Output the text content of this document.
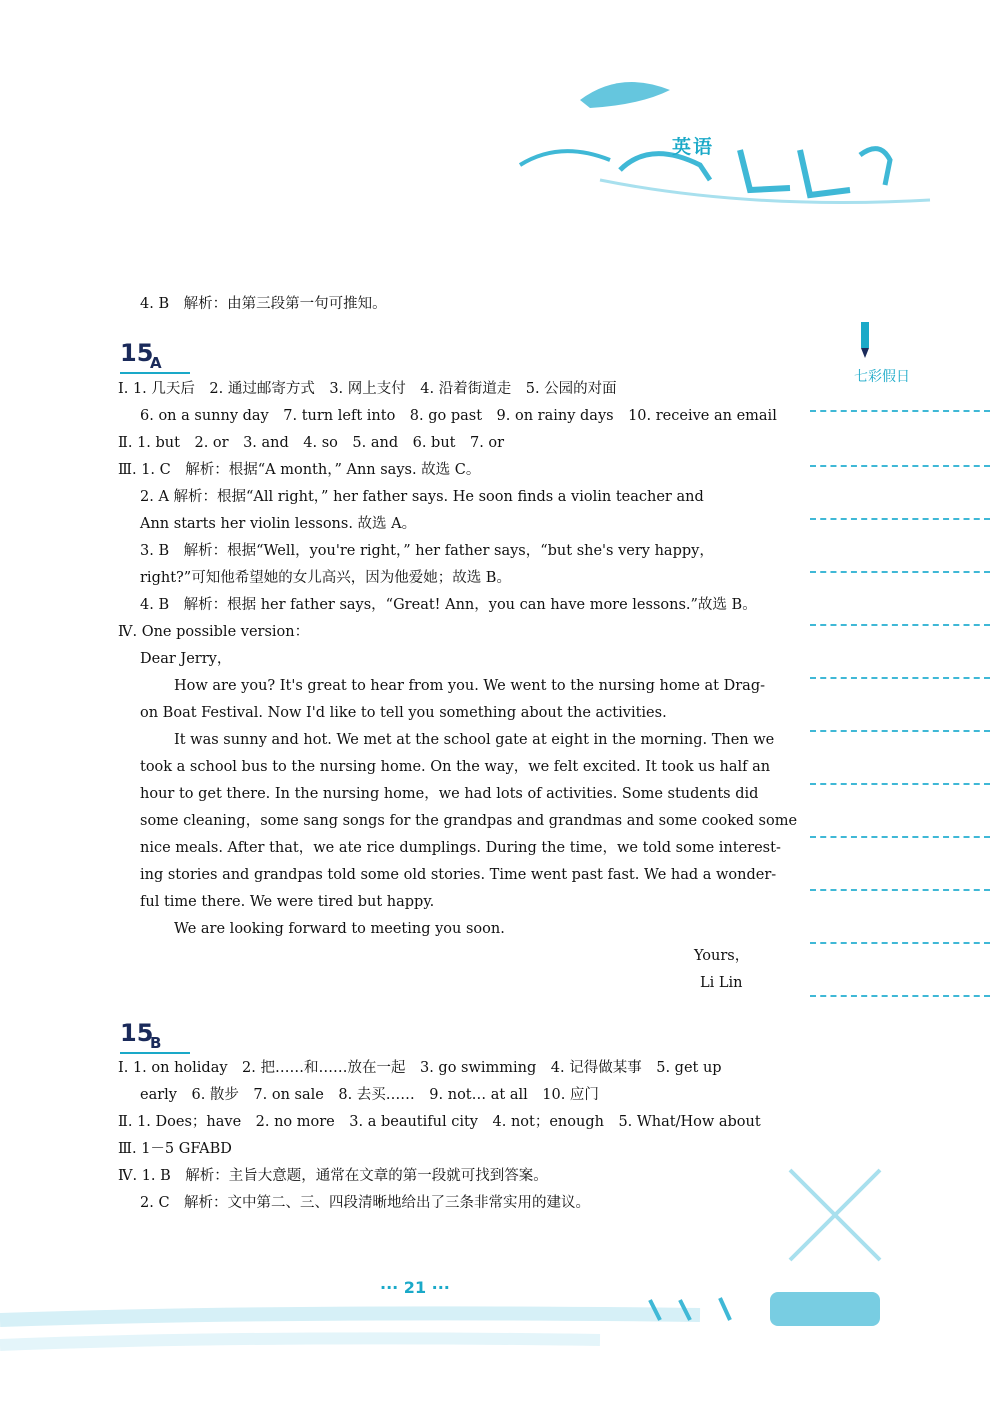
英语
七彩假日
4. B　解析：由第三段第一句可推知。
15
A
Ⅰ. 1. 几天后　2. 通过邮寄方式　3. 网上支付　4. 沿着街道走　5. 公园的对面
6. on a sunny day　7. turn left into　8. go past　9. on rainy days　10. receive an email
Ⅱ. 1. but　2. or　3. and　4. so　5. and　6. but　7. or
Ⅲ. 1. C　解析：根据“A month，” Ann says. 故选 C。
2. A 解析：根据“All right，” her father says. He soon finds a violin teacher and
Ann starts her violin lessons. 故选 A。
3. B　解析：根据“Well，you're right，” her father says，“but she's very happy，
right?”可知他希望她的女儿高兴，因为他爱她；故选 B。
4. B　解析：根据 her father says，“Great! Ann，you can have more lessons.”故选 B。
Ⅳ. One possible version：
Dear Jerry，
How are you? It's great to hear from you. We went to the nursing home at Drag-
on Boat Festival. Now I'd like to tell you something about the activities.
It was sunny and hot. We met at the school gate at eight in the morning. Then we
took a school bus to the nursing home. On the way，we felt excited. It took us half an
hour to get there. In the nursing home，we had lots of activities. Some students did
some cleaning，some sang songs for the grandpas and grandmas and some cooked some
nice meals. After that，we ate rice dumplings. During the time，we told some interest-
ing stories and grandpas told some old stories. Time went past fast. We had a wonder-
ful time there. We were tired but happy.
We are looking forward to meeting you soon.
Yours，
Li Lin
15
B
Ⅰ. 1. on holiday　2. 把……和……放在一起　3. go swimming　4. 记得做某事　5. get up
early　6. 散步　7. on sale　8. 去买……　9. not… at all　10. 应门
Ⅱ. 1. Does；have　2. no more　3. a beautiful city　4. not；enough　5. What/How about
Ⅲ. 1－5 GFABD
Ⅳ. 1. B　解析：主旨大意题，通常在文章的第一段就可找到答案。
2. C　解析：文中第二、三、四段清晰地给出了三条非常实用的建议。
··· 21 ···
